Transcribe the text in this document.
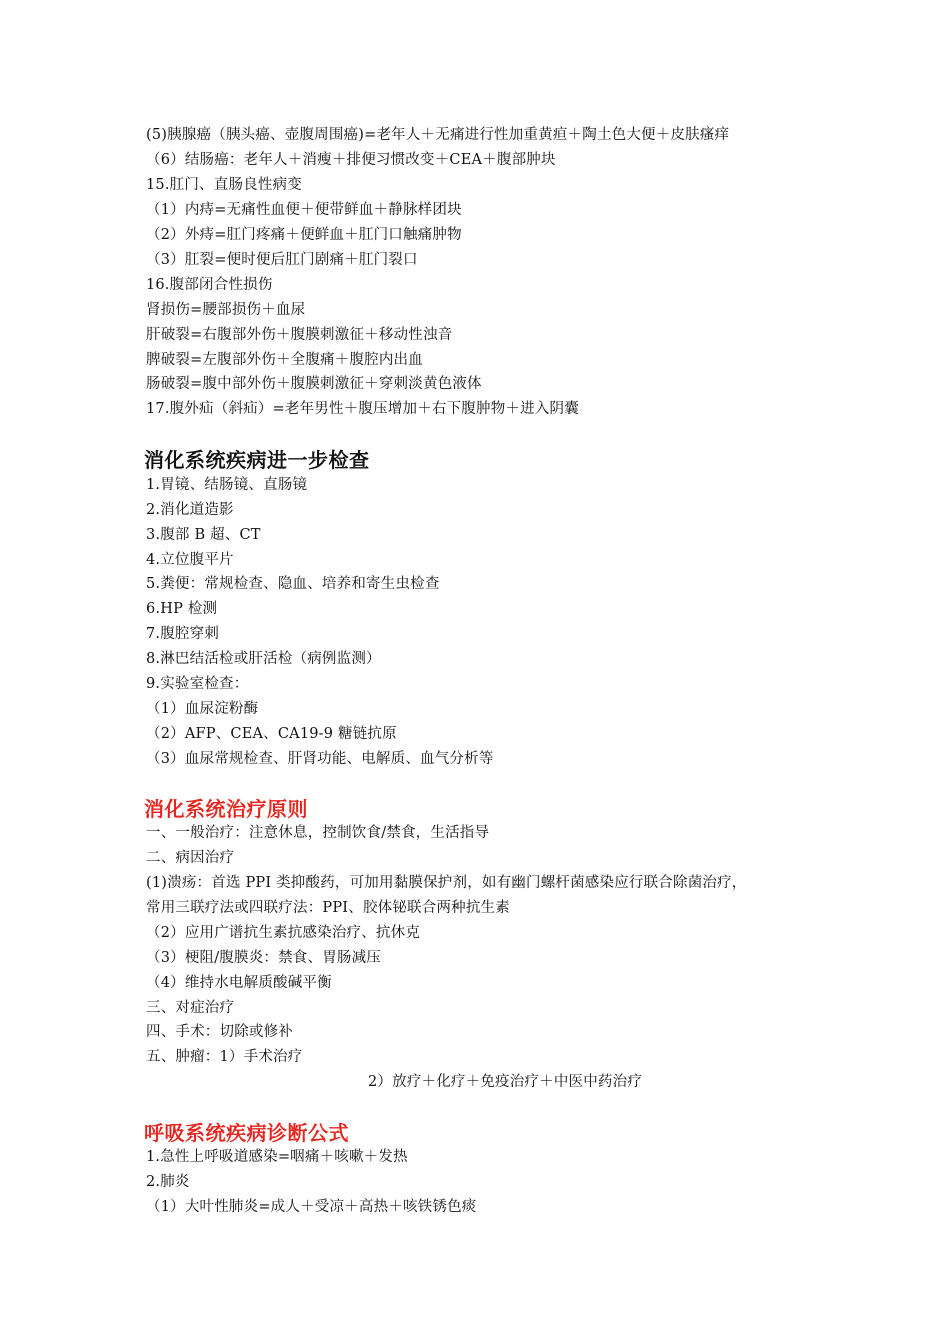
(5)胰腺癌（胰头癌、壶腹周围癌)=老年人＋无痛进行性加重黄疸＋陶土色大便＋皮肤瘙痒
（6）结肠癌：老年人＋消瘦＋排便习惯改变＋CEA＋腹部肿块
15.肛门、直肠良性病变
（1）内痔=无痛性血便＋便带鲜血＋静脉样团块
（2）外痔=肛门疼痛＋便鲜血＋肛门口触痛肿物
（3）肛裂=便时便后肛门剧痛＋肛门裂口
16.腹部闭合性损伤
肾损伤=腰部损伤＋血尿
肝破裂=右腹部外伤＋腹膜刺激征＋移动性浊音
脾破裂=左腹部外伤＋全腹痛＋腹腔内出血
肠破裂=腹中部外伤＋腹膜刺激征＋穿刺淡黄色液体
17.腹外疝（斜疝）=老年男性＋腹压增加＋右下腹肿物＋进入阴囊
消化系统疾病进一步检查
1.胃镜、结肠镜、直肠镜
2.消化道造影
3.腹部 B 超、CT
4.立位腹平片
5.粪便：常规检查、隐血、培养和寄生虫检查
6.HP 检测
7.腹腔穿刺
8.淋巴结活检或肝活检（病例监测）
9.实验室检查：
（1）血尿淀粉酶
（2）AFP、CEA、CA19-9 糖链抗原
（3）血尿常规检查、肝肾功能、电解质、血气分析等
消化系统治疗原则
一、一般治疗：注意休息，控制饮食/禁食，生活指导
二、病因治疗
(1)溃疡：首选 PPI 类抑酸药，可加用黏膜保护剂，如有幽门螺杆菌感染应行联合除菌治疗，
常用三联疗法或四联疗法：PPI、胶体铋联合两种抗生素
（2）应用广谱抗生素抗感染治疗、抗休克
（3）梗阻/腹膜炎：禁食、胃肠减压
（4）维持水电解质酸碱平衡
三、对症治疗
四、手术：切除或修补
五、肿瘤：1）手术治疗
2）放疗＋化疗＋免疫治疗＋中医中药治疗
呼吸系统疾病诊断公式
1.急性上呼吸道感染=咽痛＋咳嗽＋发热
2.肺炎
（1）大叶性肺炎=成人＋受凉＋高热＋咳铁锈色痰
